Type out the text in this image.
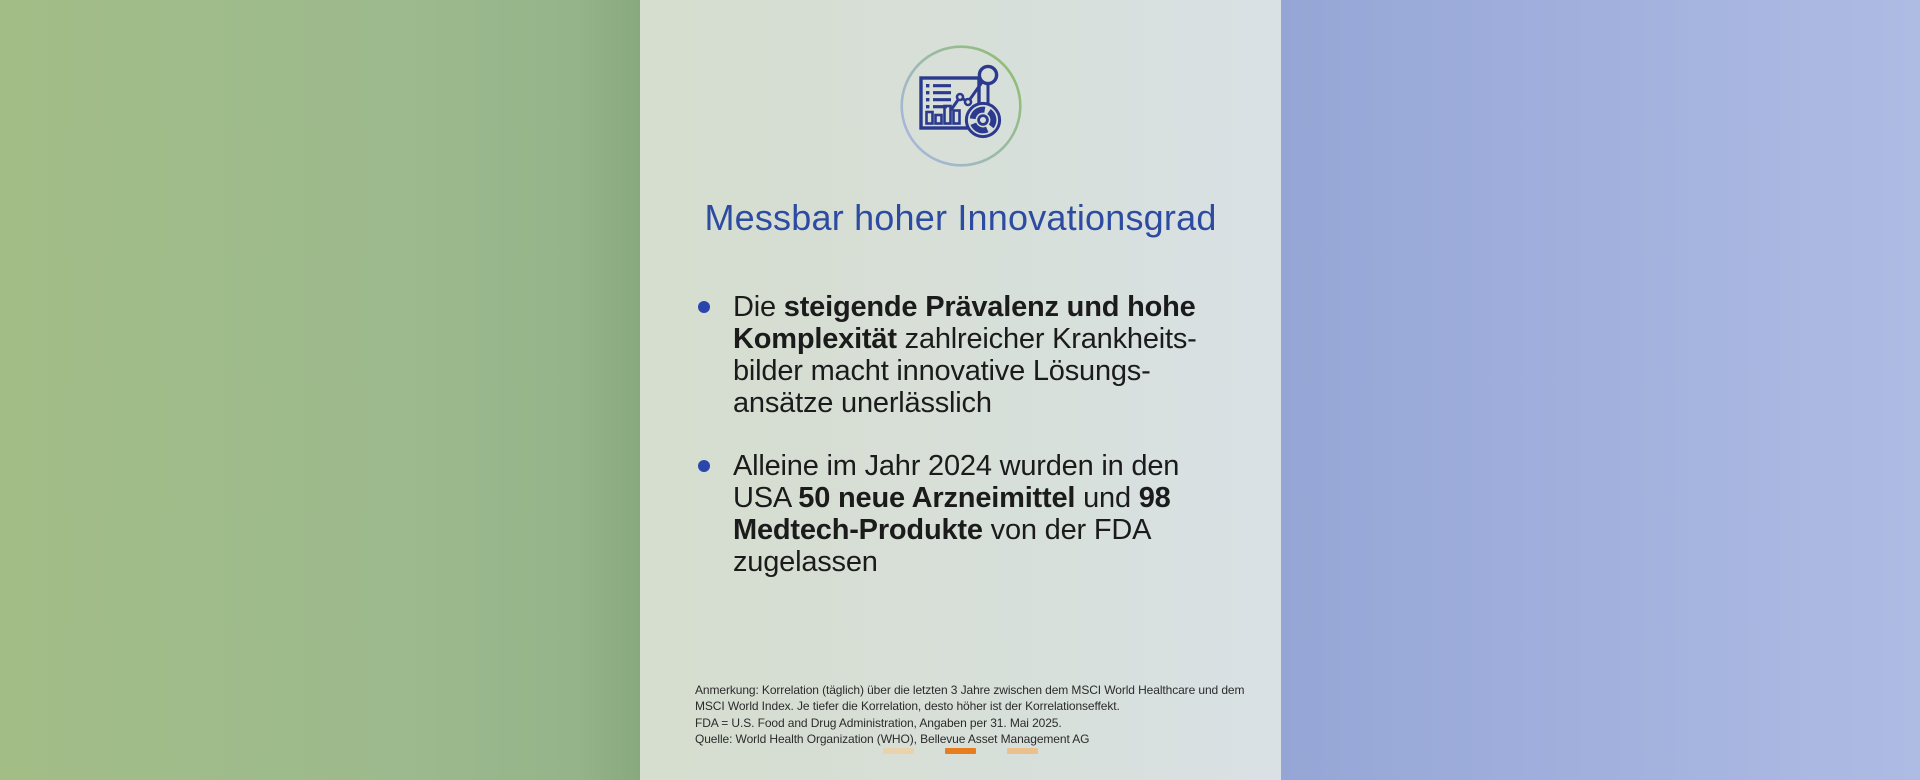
Messbar hoher Innovationsgrad
Die steigende Prävalenz und hohe
Komplexität zahlreicher Krankheits-
bilder macht innovative Lösungs-
ansätze unerlässlich
Alleine im Jahr 2024 wurden in den
USA 50 neue Arzneimittel und 98
Medtech-Produkte von der FDA
zugelassen
Anmerkung: Korrelation (täglich) über die letzten 3 Jahre zwischen dem MSCI World Healthcare und dem
MSCI World Index. Je tiefer die Korrelation, desto höher ist der Korrelationseffekt.
FDA = U.S. Food and Drug Administration, Angaben per 31. Mai 2025.
Quelle: World Health Organization (WHO), Bellevue Asset Management AG
